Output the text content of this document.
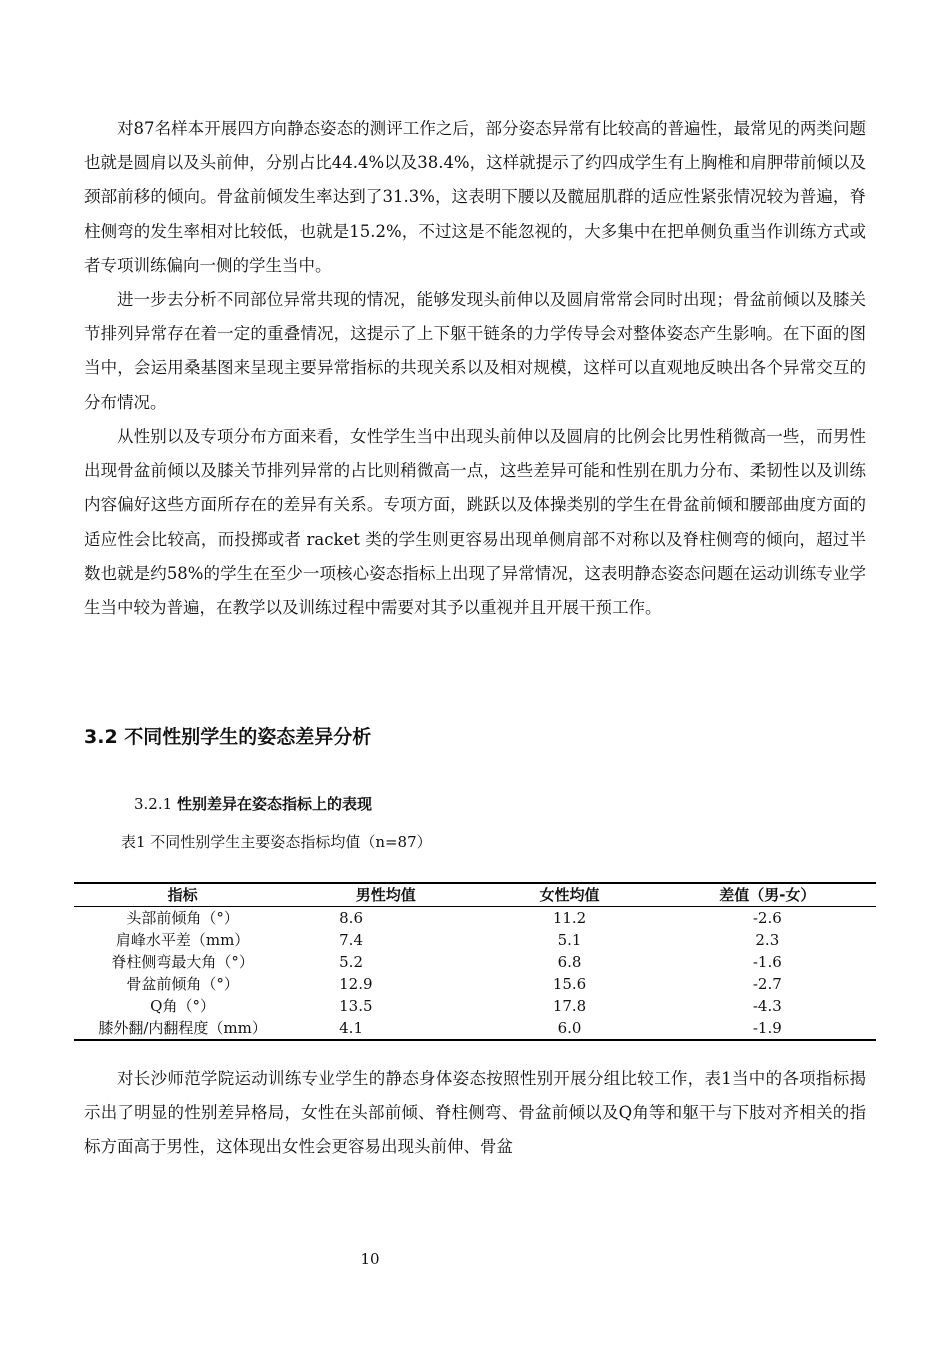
对87名样本开展四方向静态姿态的测评工作之后，部分姿态异常有比较高的普遍性，最常见的两类问题也就是圆肩以及头前伸，分别占比44.4%以及38.4%，这样就提示了约四成学生有上胸椎和肩胛带前倾以及颈部前移的倾向。骨盆前倾发生率达到了31.3%，这表明下腰以及髋屈肌群的适应性紧张情况较为普遍，脊柱侧弯的发生率相对比较低，也就是15.2%，不过这是不能忽视的，大多集中在把单侧负重当作训练方式或者专项训练偏向一侧的学生当中。

进一步去分析不同部位异常共现的情况，能够发现头前伸以及圆肩常常会同时出现；骨盆前倾以及膝关节排列异常存在着一定的重叠情况，这提示了上下躯干链条的力学传导会对整体姿态产生影响。在下面的图当中，会运用桑基图来呈现主要异常指标的共现关系以及相对规模，这样可以直观地反映出各个异常交互的分布情况。

从性别以及专项分布方面来看，女性学生当中出现头前伸以及圆肩的比例会比男性稍微高一些，而男性出现骨盆前倾以及膝关节排列异常的占比则稍微高一点，这些差异可能和性别在肌力分布、柔韧性以及训练内容偏好这些方面所存在的差异有关系。专项方面，跳跃以及体操类别的学生在骨盆前倾和腰部曲度方面的适应性会比较高，而投掷或者 racket 类的学生则更容易出现单侧肩部不对称以及脊柱侧弯的倾向，超过半数也就是约58%的学生在至少一项核心姿态指标上出现了异常情况，这表明静态姿态问题在运动训练专业学生当中较为普遍，在教学以及训练过程中需要对其予以重视并且开展干预工作。

3.2 不同性别学生的姿态差异分析
3.2.1 性别差异在姿态指标上的表现
表1 不同性别学生主要姿态指标均值（n=87）
指标	男性均值	女性均值	差值（男-女）
头部前倾角（°）	8.6	11.2	-2.6
肩峰水平差（mm）	7.4	5.1	2.3
脊柱侧弯最大角（°）	5.2	6.8	-1.6
骨盆前倾角（°）	12.9	15.6	-2.7
Q角（°）	13.5	17.8	-4.3
膝外翻/内翻程度（mm）	4.1	6.0	-1.9

对长沙师范学院运动训练专业学生的静态身体姿态按照性别开展分组比较工作，表1当中的各项指标揭示出了明显的性别差异格局，女性在头部前倾、脊柱侧弯、骨盆前倾以及Q角等和躯干与下肢对齐相关的指标方面高于男性，这体现出女性会更容易出现头前伸、骨盆

10
